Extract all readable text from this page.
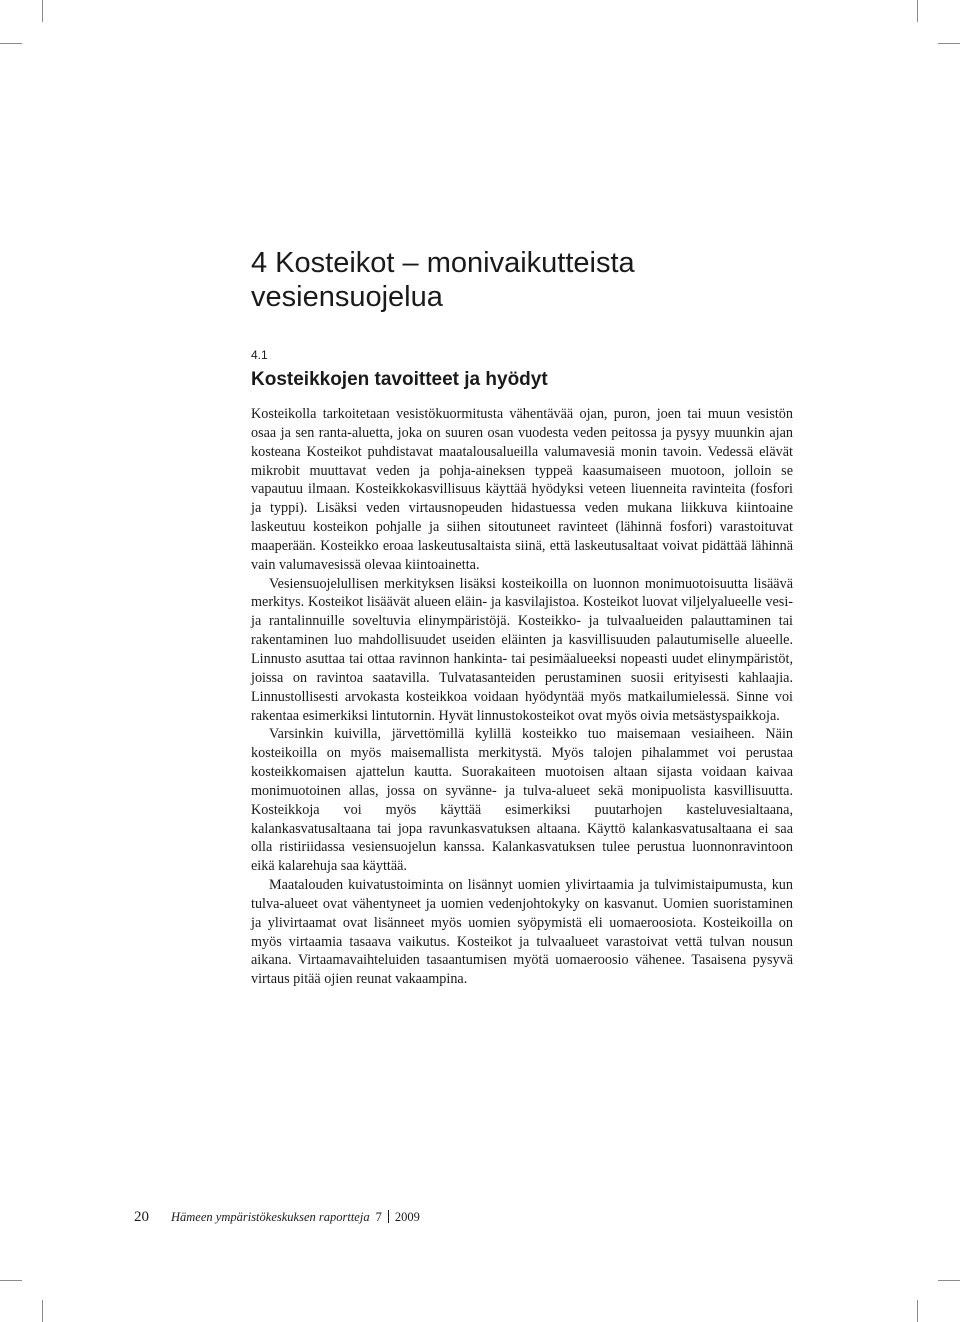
4 Kosteikot – monivaikutteista
vesiensuojelua
4.1
Kosteikkojen tavoitteet ja hyödyt

Kosteikolla tarkoitetaan vesistökuormitusta vähentävää ojan, puron, joen tai muun vesistön osaa ja sen ranta-aluetta, joka on suuren osan vuodesta veden peitossa ja pysyy muunkin ajan kosteana Kosteikot puhdistavat maatalousalueilla valumavesiä monin tavoin. Vedessä elävät mikrobit muuttavat veden ja pohja-aineksen typpeä kaasumaiseen muotoon, jolloin se vapautuu ilmaan. Kosteikkokasvillisuus käyttää hyödyksi veteen liuenneita ravinteita (fosfori ja typpi). Lisäksi veden virtausnopeuden hidastuessa veden mukana liikkuva kiintoaine laskeutuu kosteikon pohjalle ja siihen sitoutuneet ravinteet (lähinnä fosfori) varastoituvat maaperään. Kosteikko eroaa laskeutusaltaista siinä, että laskeutusaltaat voivat pidättää lähinnä vain valumavesissä olevaa kiintoainetta.

Vesiensuojelullisen merkityksen lisäksi kosteikoilla on luonnon monimuotoisuutta lisäävä merkitys. Kosteikot lisäävät alueen eläin- ja kasvilajistoa. Kosteikot luovat viljelyalueelle vesi- ja rantalinnuille soveltuvia elinympäristöjä. Kosteikko- ja tulvaalueiden palauttaminen tai rakentaminen luo mahdollisuudet useiden eläinten ja kasvillisuuden palautumiselle alueelle. Linnusto asuttaa tai ottaa ravinnon hankinta- tai pesimäalueeksi nopeasti uudet elinympäristöt, joissa on ravintoa saatavilla. Tulvatasanteiden perustaminen suosii erityisesti kahlaajia. Linnustollisesti arvokasta kosteikkoa voidaan hyödyntää myös matkailumielessä. Sinne voi rakentaa esimerkiksi lintutornin. Hyvät linnustokosteikot ovat myös oivia metsästyspaikkoja.

Varsinkin kuivilla, järvettömillä kylillä kosteikko tuo maisemaan vesiaiheen. Näin kosteikoilla on myös maisemallista merkitystä. Myös talojen pihalammet voi perustaa kosteikkomaisen ajattelun kautta. Suorakaiteen muotoisen altaan sijasta voidaan kaivaa monimuotoinen allas, jossa on syvänne- ja tulva-alueet sekä monipuolista kasvillisuutta. Kosteikkoja voi myös käyttää esimerkiksi puutarhojen kasteluvesialtaana, kalankasvatusaltaana tai jopa ravunkasvatuksen altaana. Käyttö kalankasvatusaltaana ei saa olla ristiriidassa vesiensuojelun kanssa. Kalankasvatuksen tulee perustua luonnonravintoon eikä kalarehuja saa käyttää.

Maatalouden kuivatustoiminta on lisännyt uomien ylivirtaamia ja tulvimistaipumusta, kun tulva-alueet ovat vähentyneet ja uomien vedenjohtokyky on kasvanut. Uomien suoristaminen ja ylivirtaamat ovat lisänneet myös uomien syöpymistä eli uomaeroosiota. Kosteikoilla on myös virtaamia tasaava vaikutus. Kosteikot ja tulvaalueet varastoivat vettä tulvan nousun aikana. Virtaamavaihteluiden tasaantumisen myötä uomaeroosio vähenee. Tasaisena pysyvä virtaus pitää ojien reunat vakaampina.

20 Hämeen ympäristökeskuksen raportteja 7 2009
